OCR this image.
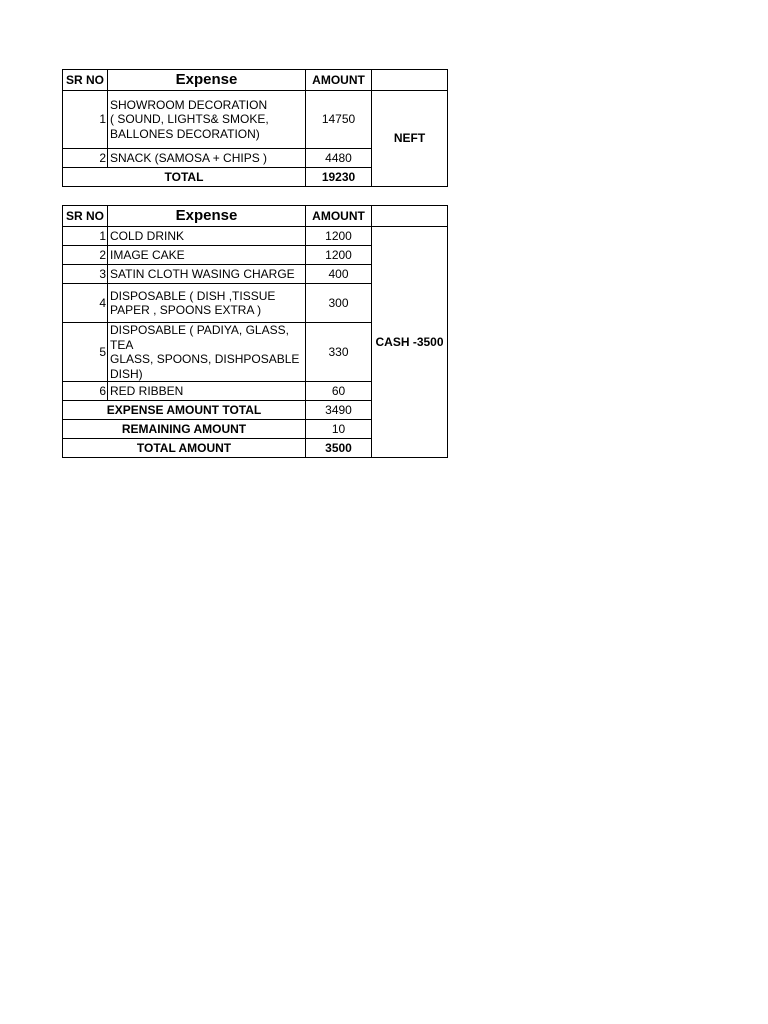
SR NO	Expense	AMOUNT	
1	SHOWROOM DECORATION
( SOUND, LIGHTS& SMOKE,
BALLONES DECORATION)	14750	NEFT
2	SNACK (SAMOSA + CHIPS )	4480	
TOTAL		19230	
SR NO	Expense	AMOUNT	
1	COLD DRINK	1200	CASH -3500
2	IMAGE CAKE	1200	
3	SATIN CLOTH WASING CHARGE	400	
4	DISPOSABLE ( DISH ,TISSUE
PAPER , SPOONS EXTRA )	300	
5	DISPOSABLE ( PADIYA, GLASS, TEA
GLASS, SPOONS, DISHPOSABLE
DISH)	330	
6	RED RIBBEN	60	
EXPENSE AMOUNT TOTAL		3490	
REMAINING AMOUNT		10	
TOTAL AMOUNT		3500	
